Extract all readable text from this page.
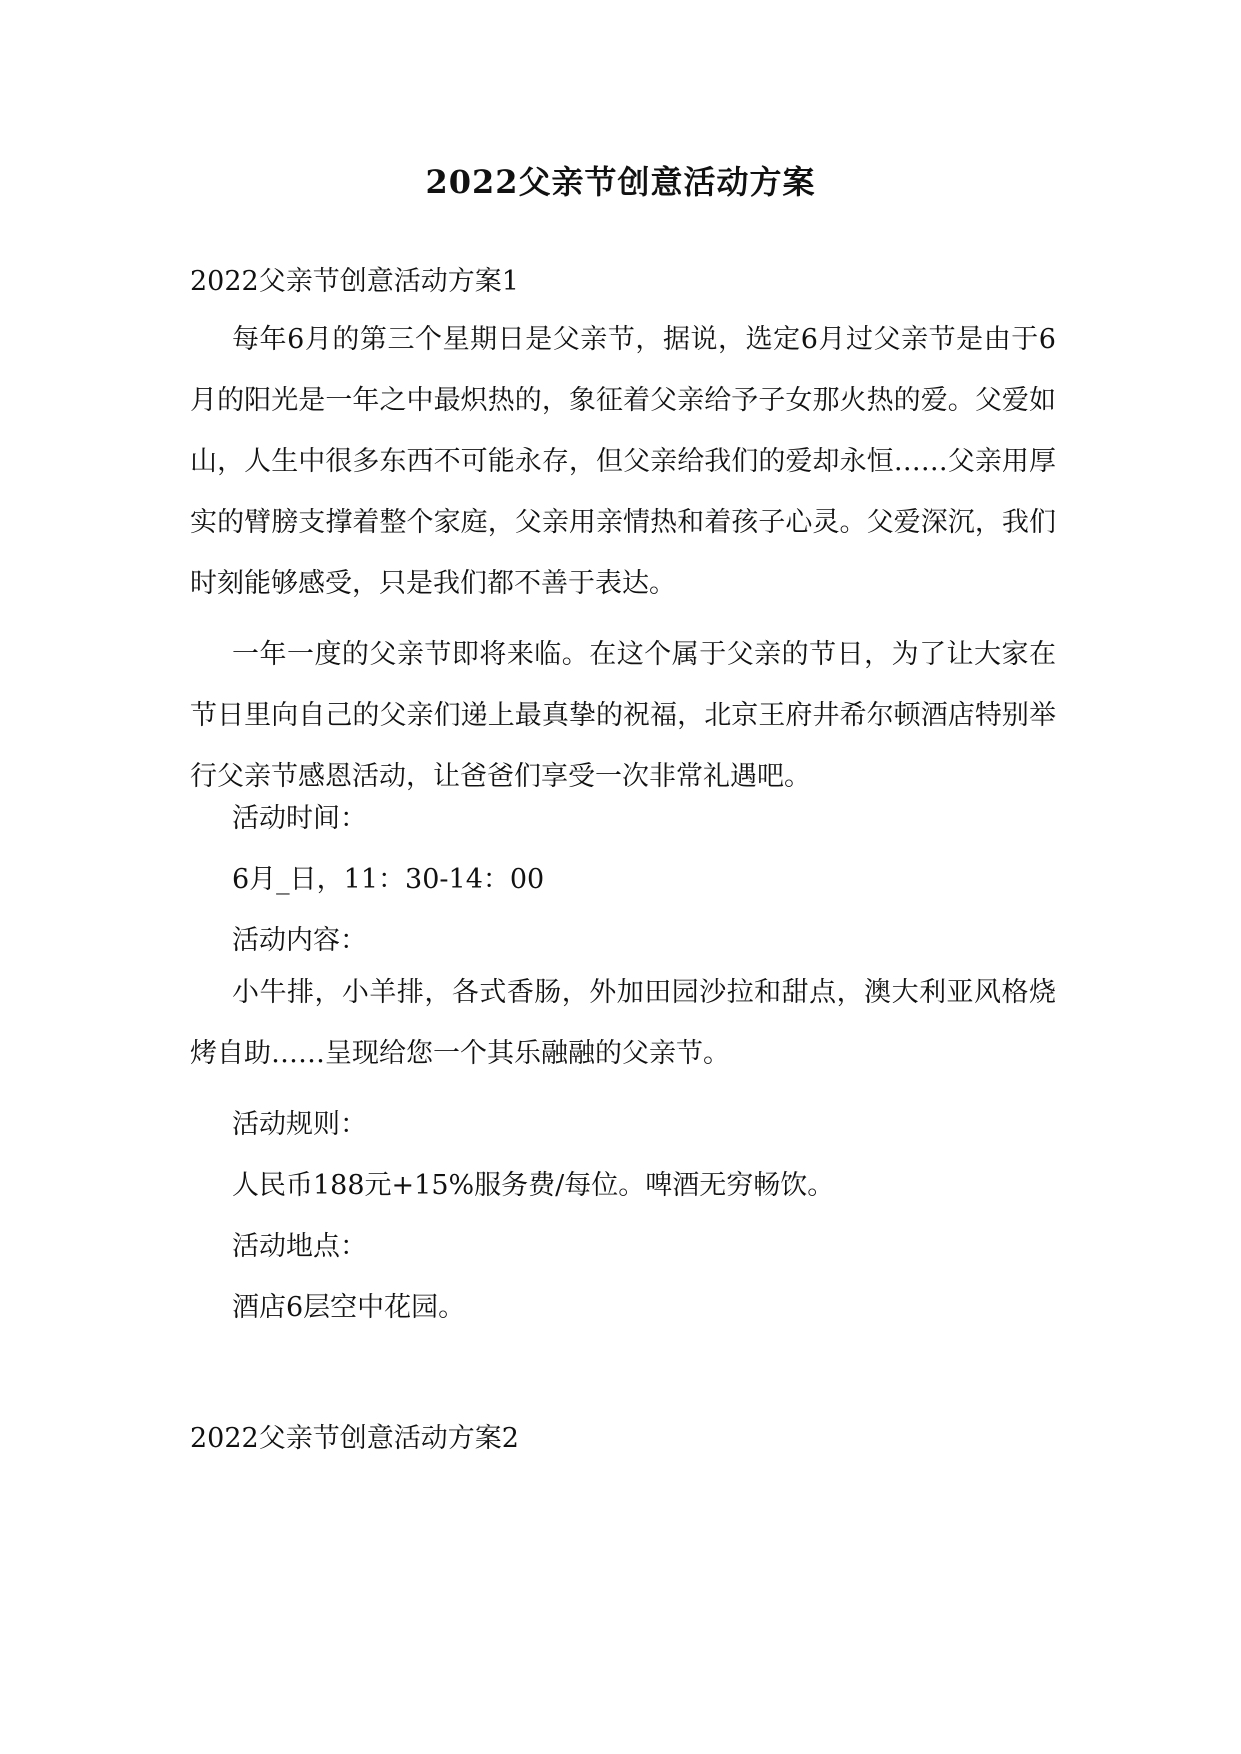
2022父亲节创意活动方案
2022父亲节创意活动方案1

每年6月的第三个星期日是父亲节，据说，选定6月过父亲节是由于6月的阳光是一年之中最炽热的，象征着父亲给予子女那火热的爱。父爱如山，人生中很多东西不可能永存，但父亲给我们的爱却永恒……父亲用厚实的臂膀支撑着整个家庭，父亲用亲情热和着孩子心灵。父爱深沉，我们时刻能够感受，只是我们都不善于表达。

一年一度的父亲节即将来临。在这个属于父亲的节日，为了让大家在节日里向自己的父亲们递上最真挚的祝福，北京王府井希尔顿酒店特别举行父亲节感恩活动，让爸爸们享受一次非常礼遇吧。

活动时间：
6月_日，11：30-14：00
活动内容：

小牛排，小羊排，各式香肠，外加田园沙拉和甜点，澳大利亚风格烧烤自助……呈现给您一个其乐融融的父亲节。

活动规则：
人民币188元+15%服务费/每位。啤酒无穷畅饮。
活动地点：
酒店6层空中花园。
2022父亲节创意活动方案2
